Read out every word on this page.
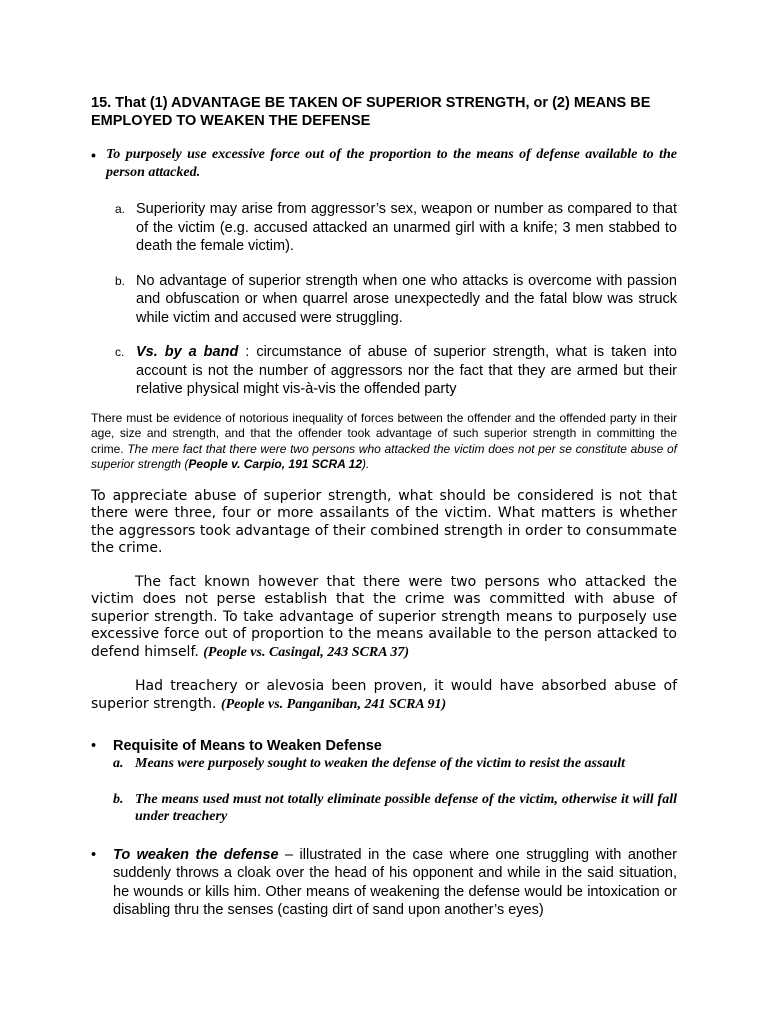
15. That (1) ADVANTAGE BE TAKEN OF SUPERIOR STRENGTH, or (2) MEANS BE EMPLOYED TO WEAKEN THE DEFENSE
• To purposely use excessive force out of the proportion to the means of defense available to the person attacked.
a. Superiority may arise from aggressor’s sex, weapon or number as compared to that of the victim (e.g. accused attacked an unarmed girl with a knife; 3 men stabbed to death the female victim).
b. No advantage of superior strength when one who attacks is overcome with passion and obfuscation or when quarrel arose unexpectedly and the fatal blow was struck while victim and accused were struggling.
c. Vs. by a band : circumstance of abuse of superior strength, what is taken into account is not the number of aggressors nor the fact that they are armed but their relative physical might vis-à-vis the offended party
There must be evidence of notorious inequality of forces between the offender and the offended party in their age, size and strength, and that the offender took advantage of such superior strength in committing the crime. The mere fact that there were two persons who attacked the victim does not per se constitute abuse of superior strength (People v. Carpio, 191 SCRA 12).

To appreciate abuse of superior strength, what should be considered is not that there were three, four or more assailants of the victim. What matters is whether the aggressors took advantage of their combined strength in order to consummate the crime.

The fact known however that there were two persons who attacked the victim does not perse establish that the crime was committed with abuse of superior strength. To take advantage of superior strength means to purposely use excessive force out of proportion to the means available to the person attacked to defend himself. (People vs. Casingal, 243 SCRA 37)

Had treachery or alevosia been proven, it would have absorbed abuse of superior strength. (People vs. Panganiban, 241 SCRA 91)

•	Requisite of Means to Weaken Defense
a. Means were purposely sought to weaken the defense of the victim to resist the assault
b. The means used must not totally eliminate possible defense of the victim, otherwise it will fall under treachery
•	To weaken the defense – illustrated in the case where one struggling with another suddenly throws a cloak over the head of his opponent and while in the said situation, he wounds or kills him. Other means of weakening the defense would be intoxication or disabling thru the senses (casting dirt of sand upon another’s eyes)
